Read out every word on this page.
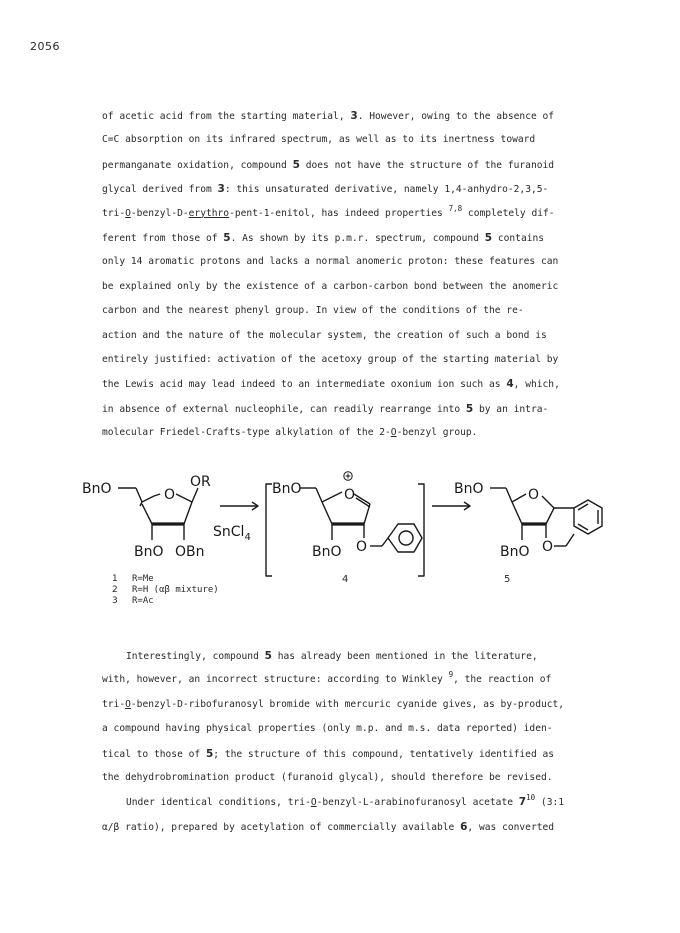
2056
of acetic acid from the starting material, 3. However, owing to the absence of
C=C absorption on its infrared spectrum, as well as to its inertness toward
permanganate oxidation, compound 5 does not have the structure of the furanoid
glycal derived from 3: this unsaturated derivative, namely 1,4-anhydro-2,3,5-
tri-O-benzyl-D-erythro-pent-1-enitol, has indeed properties $^{7,8}$ completely dif-
ferent from those of 5. As shown by its p.m.r. spectrum, compound 5 contains
only 14 aromatic protons and lacks a normal anomeric proton: these features can
be explained only by the existence of a carbon-carbon bond between the anomeric
carbon and the nearest phenyl group. In view of the conditions of the re-
action and the nature of the molecular system, the creation of such a bond is
entirely justified: activation of the acetoxy group of the starting material by
the Lewis acid may lead indeed to an intermediate oxonium ion such as 4, which,
in absence of external nucleophile, can readily rearrange into 5 by an intra-
molecular Friedel-Crafts-type alkylation of the 2-O-benzyl group.
BnO	O
OR
BnO OBn
SnCl$_4$
BnO	O
BnO O
BnO	O
BnO O
1 R=Me
2 R=H (αβ mixture)
3 R=Ac
4	5
Interestingly, compound 5 has already been mentioned in the literature,
with, however, an incorrect structure: according to Winkley $^9$, the reaction of
tri-O-benzyl-D-ribofuranosyl bromide with mercuric cyanide gives, as by-product,
a compound having physical properties (only m.p. and m.s. data reported) iden-
tical to those of 5; the structure of this compound, tentatively identified as
the dehydrobromination product (furanoid glycal), should therefore be revised.
Under identical conditions, tri-O-benzyl-L-arabinofuranosyl acetate $7^{10}$ (3:1
α/β ratio), prepared by acetylation of commercially available 6, was converted
